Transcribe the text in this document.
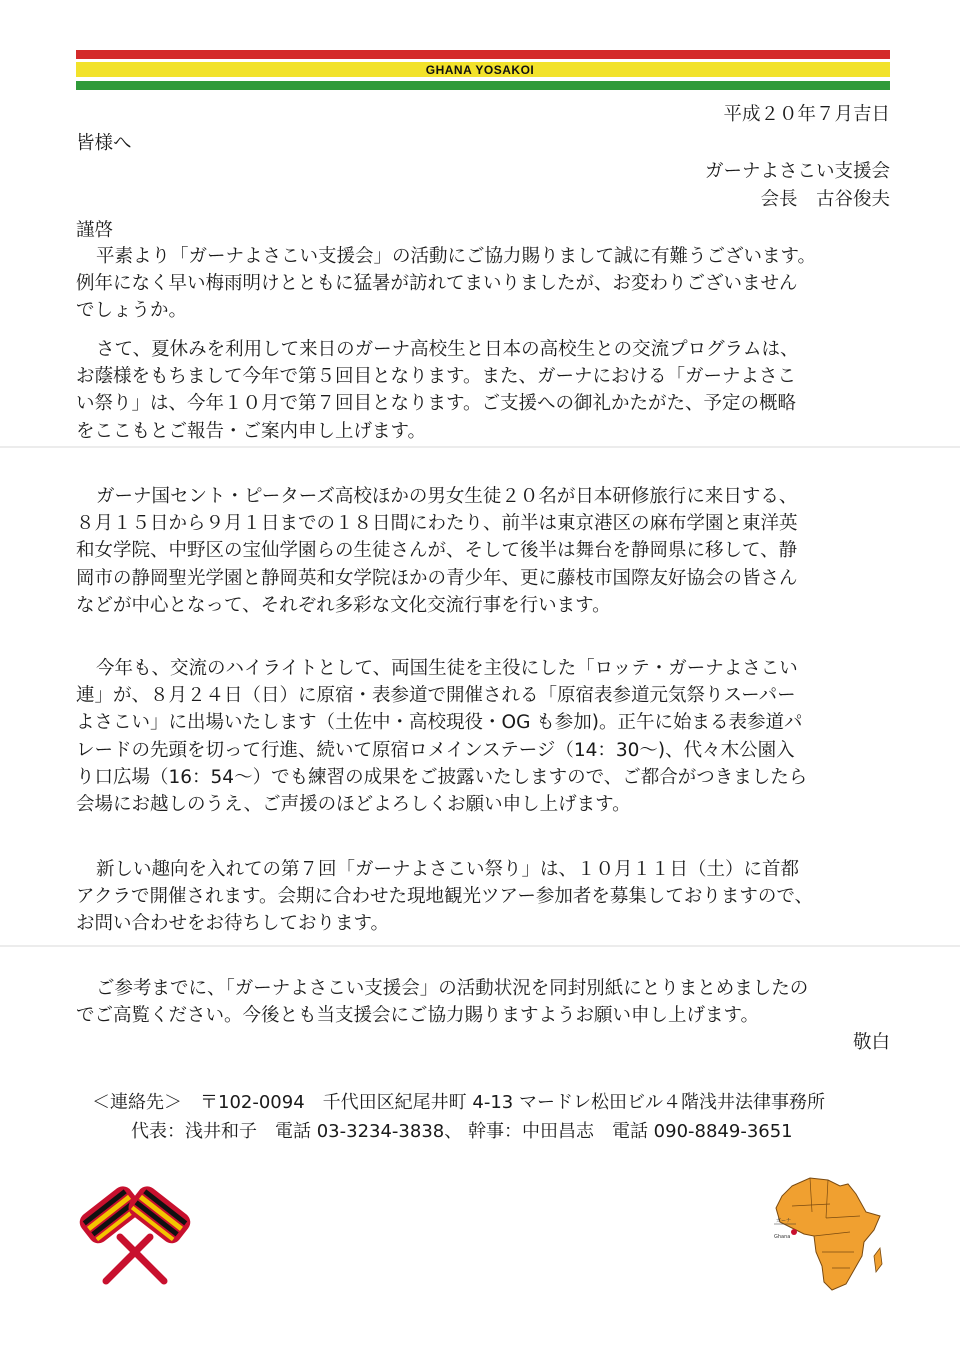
GHANA YOSAKOI
平成２０年７月吉日
皆様へ
ガーナよさこい支援会
会長　古谷俊夫
謹啓
平素より「ガーナよさこい支援会」の活動にご協力賜りまして誠に有難うございます。
例年になく早い梅雨明けとともに猛暑が訪れてまいりましたが、お変わりございません
でしょうか。
さて、夏休みを利用して来日のガーナ高校生と日本の高校生との交流プログラムは、
お蔭様をもちまして今年で第５回目となります。また、ガーナにおける「ガーナよさこ
い祭り」は、今年１０月で第７回目となります。ご支援への御礼かたがた、予定の概略
をここもとご報告・ご案内申し上げます。
ガーナ国セント・ピーターズ高校ほかの男女生徒２０名が日本研修旅行に来日する、
８月１５日から９月１日までの１８日間にわたり、前半は東京港区の麻布学園と東洋英
和女学院、中野区の宝仙学園らの生徒さんが、そして後半は舞台を静岡県に移して、静
岡市の静岡聖光学園と静岡英和女学院ほかの青少年、更に藤枝市国際友好協会の皆さん
などが中心となって、それぞれ多彩な文化交流行事を行います。
今年も、交流のハイライトとして、両国生徒を主役にした「ロッテ・ガーナよさこい
連」が、８月２４日（日）に原宿・表参道で開催される「原宿表参道元気祭りスーパー
よさこい」に出場いたします（土佐中・高校現役・OG も参加)。正午に始まる表参道パ
レードの先頭を切って行進、続いて原宿ロメインステージ（14：30～)、代々木公園入
り口広場（16：54～）でも練習の成果をご披露いたしますので、ご都合がつきましたら
会場にお越しのうえ、ご声援のほどよろしくお願い申し上げます。
新しい趣向を入れての第７回「ガーナよさこい祭り」は、１０月１１日（土）に首都
アクラで開催されます。会期に合わせた現地観光ツアー参加者を募集しておりますので、
お問い合わせをお待ちしております。
ご参考までに、「ガーナよさこい支援会」の活動状況を同封別紙にとりまとめましたの
でご高覧ください。今後とも当支援会にご協力賜りますようお願い申し上げます。
敬白
＜連絡先＞　〒102-0094　千代田区紀尾井町 4-13 マードレ松田ビル４階浅井法律事務所
代表：浅井和子　電話 03-3234-3838、 幹事：中田昌志　電話 090-8849-3651
ガーナ
Ghana
